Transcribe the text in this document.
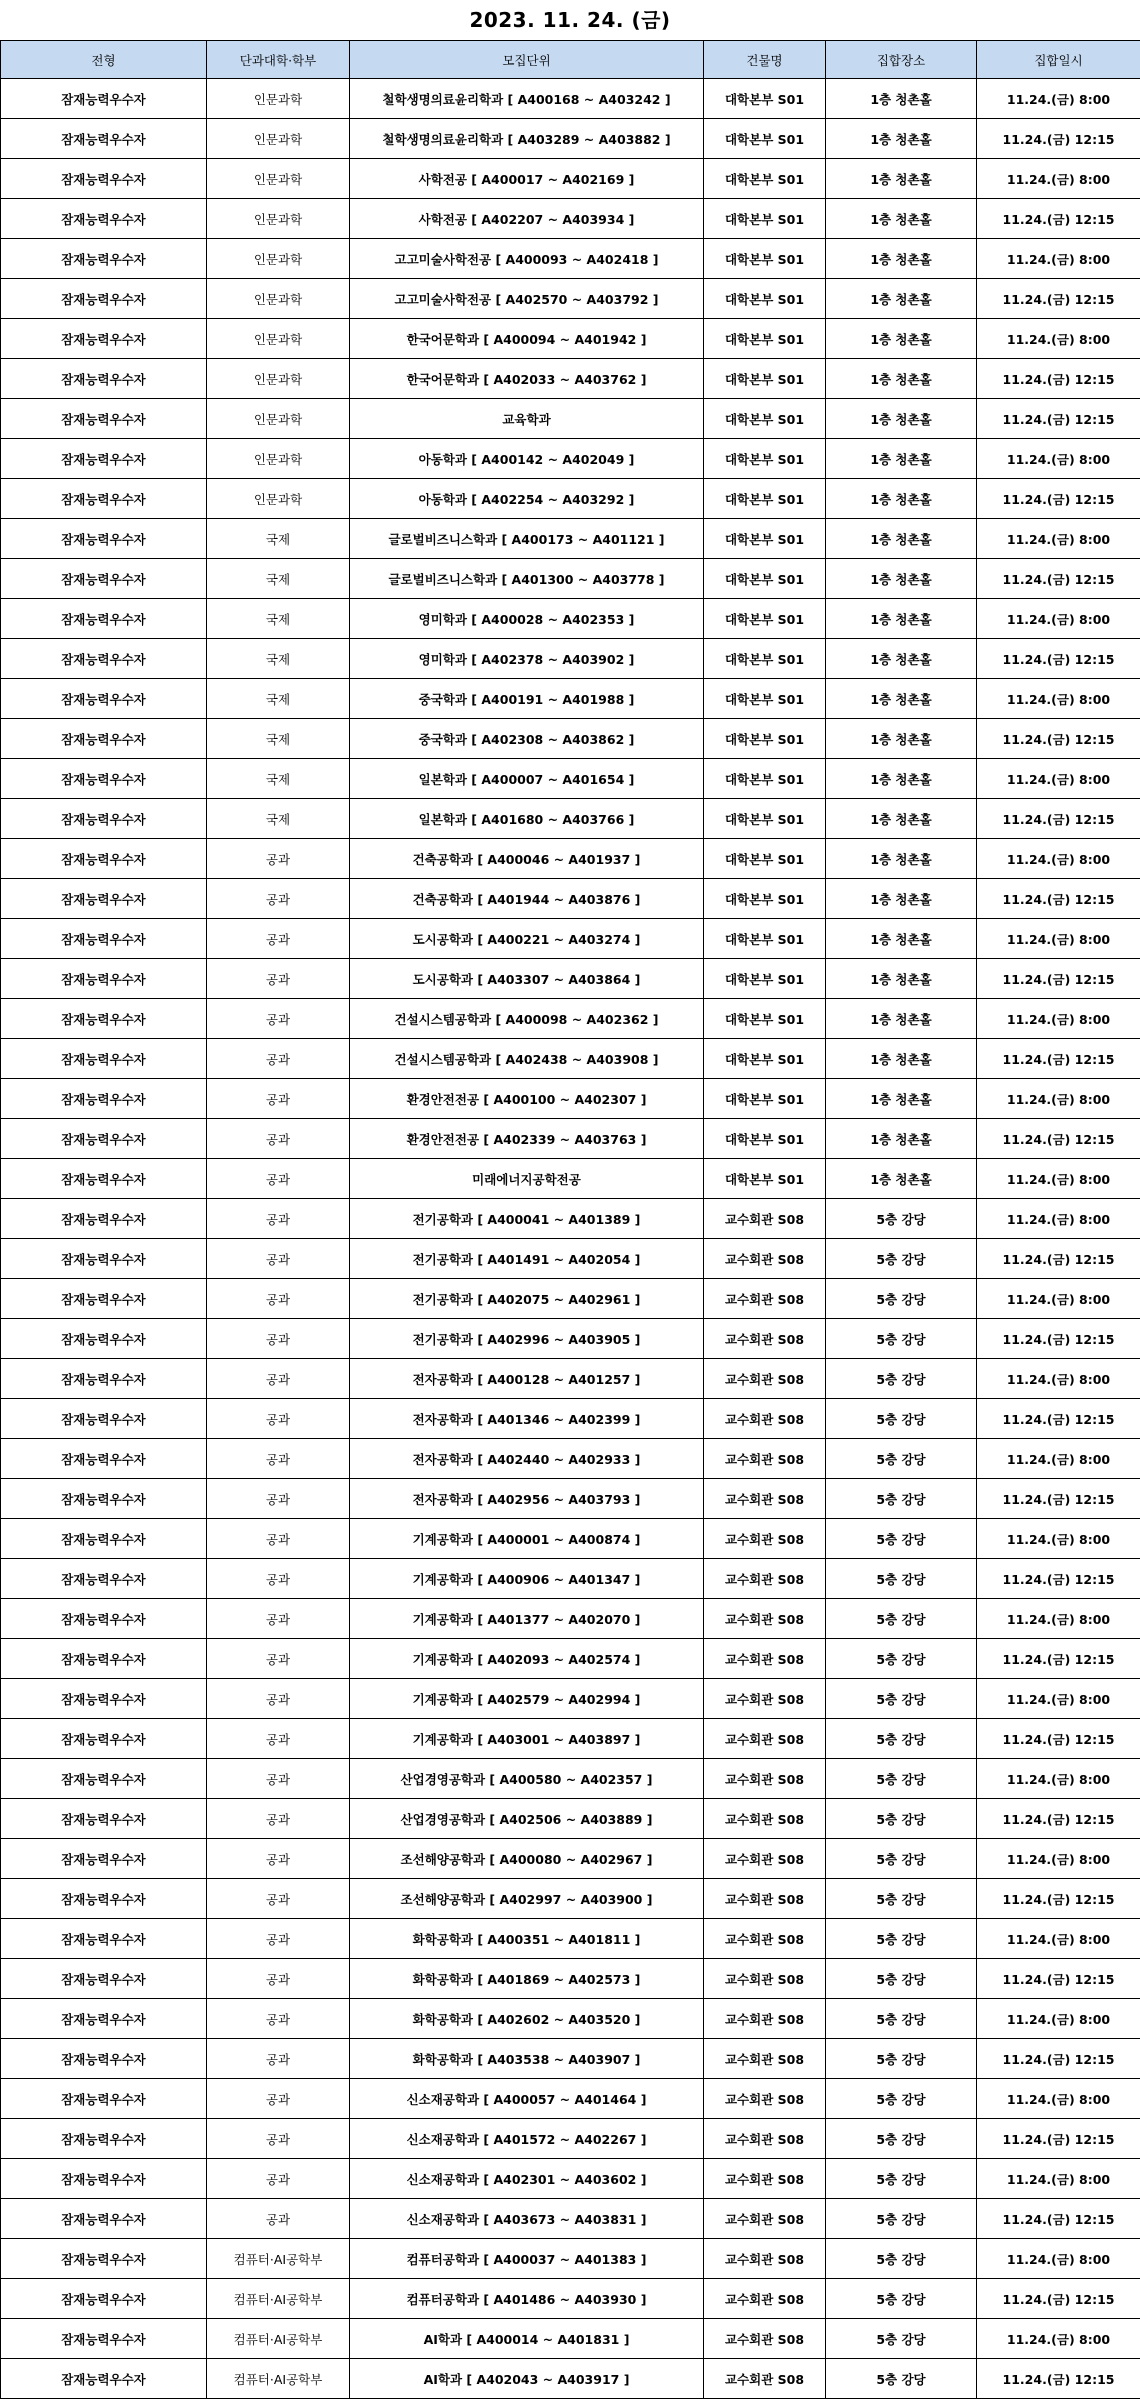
2023. 11. 24. (금)
전형	단과대학·학부	모집단위	건물명	집합장소	집합일시
잠재능력우수자	인문과학	철학생명의료윤리학과 [ A400168 ~ A403242 ]	대학본부 S01	1층 청촌홀	11.24.(금) 8:00
잠재능력우수자	인문과학	철학생명의료윤리학과 [ A403289 ~ A403882 ]	대학본부 S01	1층 청촌홀	11.24.(금) 12:15
잠재능력우수자	인문과학	사학전공 [ A400017 ~ A402169 ]	대학본부 S01	1층 청촌홀	11.24.(금) 8:00
잠재능력우수자	인문과학	사학전공 [ A402207 ~ A403934 ]	대학본부 S01	1층 청촌홀	11.24.(금) 12:15
잠재능력우수자	인문과학	고고미술사학전공 [ A400093 ~ A402418 ]	대학본부 S01	1층 청촌홀	11.24.(금) 8:00
잠재능력우수자	인문과학	고고미술사학전공 [ A402570 ~ A403792 ]	대학본부 S01	1층 청촌홀	11.24.(금) 12:15
잠재능력우수자	인문과학	한국어문학과 [ A400094 ~ A401942 ]	대학본부 S01	1층 청촌홀	11.24.(금) 8:00
잠재능력우수자	인문과학	한국어문학과 [ A402033 ~ A403762 ]	대학본부 S01	1층 청촌홀	11.24.(금) 12:15
잠재능력우수자	인문과학	교육학과	대학본부 S01	1층 청촌홀	11.24.(금) 12:15
잠재능력우수자	인문과학	아동학과 [ A400142 ~ A402049 ]	대학본부 S01	1층 청촌홀	11.24.(금) 8:00
잠재능력우수자	인문과학	아동학과 [ A402254 ~ A403292 ]	대학본부 S01	1층 청촌홀	11.24.(금) 12:15
잠재능력우수자	국제	글로벌비즈니스학과 [ A400173 ~ A401121 ]	대학본부 S01	1층 청촌홀	11.24.(금) 8:00
잠재능력우수자	국제	글로벌비즈니스학과 [ A401300 ~ A403778 ]	대학본부 S01	1층 청촌홀	11.24.(금) 12:15
잠재능력우수자	국제	영미학과 [ A400028 ~ A402353 ]	대학본부 S01	1층 청촌홀	11.24.(금) 8:00
잠재능력우수자	국제	영미학과 [ A402378 ~ A403902 ]	대학본부 S01	1층 청촌홀	11.24.(금) 12:15
잠재능력우수자	국제	중국학과 [ A400191 ~ A401988 ]	대학본부 S01	1층 청촌홀	11.24.(금) 8:00
잠재능력우수자	국제	중국학과 [ A402308 ~ A403862 ]	대학본부 S01	1층 청촌홀	11.24.(금) 12:15
잠재능력우수자	국제	일본학과 [ A400007 ~ A401654 ]	대학본부 S01	1층 청촌홀	11.24.(금) 8:00
잠재능력우수자	국제	일본학과 [ A401680 ~ A403766 ]	대학본부 S01	1층 청촌홀	11.24.(금) 12:15
잠재능력우수자	공과	건축공학과 [ A400046 ~ A401937 ]	대학본부 S01	1층 청촌홀	11.24.(금) 8:00
잠재능력우수자	공과	건축공학과 [ A401944 ~ A403876 ]	대학본부 S01	1층 청촌홀	11.24.(금) 12:15
잠재능력우수자	공과	도시공학과 [ A400221 ~ A403274 ]	대학본부 S01	1층 청촌홀	11.24.(금) 8:00
잠재능력우수자	공과	도시공학과 [ A403307 ~ A403864 ]	대학본부 S01	1층 청촌홀	11.24.(금) 12:15
잠재능력우수자	공과	건설시스템공학과 [ A400098 ~ A402362 ]	대학본부 S01	1층 청촌홀	11.24.(금) 8:00
잠재능력우수자	공과	건설시스템공학과 [ A402438 ~ A403908 ]	대학본부 S01	1층 청촌홀	11.24.(금) 12:15
잠재능력우수자	공과	환경안전전공 [ A400100 ~ A402307 ]	대학본부 S01	1층 청촌홀	11.24.(금) 8:00
잠재능력우수자	공과	환경안전전공 [ A402339 ~ A403763 ]	대학본부 S01	1층 청촌홀	11.24.(금) 12:15
잠재능력우수자	공과	미래에너지공학전공	대학본부 S01	1층 청촌홀	11.24.(금) 8:00
잠재능력우수자	공과	전기공학과 [ A400041 ~ A401389 ]	교수회관 S08	5층 강당	11.24.(금) 8:00
잠재능력우수자	공과	전기공학과 [ A401491 ~ A402054 ]	교수회관 S08	5층 강당	11.24.(금) 12:15
잠재능력우수자	공과	전기공학과 [ A402075 ~ A402961 ]	교수회관 S08	5층 강당	11.24.(금) 8:00
잠재능력우수자	공과	전기공학과 [ A402996 ~ A403905 ]	교수회관 S08	5층 강당	11.24.(금) 12:15
잠재능력우수자	공과	전자공학과 [ A400128 ~ A401257 ]	교수회관 S08	5층 강당	11.24.(금) 8:00
잠재능력우수자	공과	전자공학과 [ A401346 ~ A402399 ]	교수회관 S08	5층 강당	11.24.(금) 12:15
잠재능력우수자	공과	전자공학과 [ A402440 ~ A402933 ]	교수회관 S08	5층 강당	11.24.(금) 8:00
잠재능력우수자	공과	전자공학과 [ A402956 ~ A403793 ]	교수회관 S08	5층 강당	11.24.(금) 12:15
잠재능력우수자	공과	기계공학과 [ A400001 ~ A400874 ]	교수회관 S08	5층 강당	11.24.(금) 8:00
잠재능력우수자	공과	기계공학과 [ A400906 ~ A401347 ]	교수회관 S08	5층 강당	11.24.(금) 12:15
잠재능력우수자	공과	기계공학과 [ A401377 ~ A402070 ]	교수회관 S08	5층 강당	11.24.(금) 8:00
잠재능력우수자	공과	기계공학과 [ A402093 ~ A402574 ]	교수회관 S08	5층 강당	11.24.(금) 12:15
잠재능력우수자	공과	기계공학과 [ A402579 ~ A402994 ]	교수회관 S08	5층 강당	11.24.(금) 8:00
잠재능력우수자	공과	기계공학과 [ A403001 ~ A403897 ]	교수회관 S08	5층 강당	11.24.(금) 12:15
잠재능력우수자	공과	산업경영공학과 [ A400580 ~ A402357 ]	교수회관 S08	5층 강당	11.24.(금) 8:00
잠재능력우수자	공과	산업경영공학과 [ A402506 ~ A403889 ]	교수회관 S08	5층 강당	11.24.(금) 12:15
잠재능력우수자	공과	조선해양공학과 [ A400080 ~ A402967 ]	교수회관 S08	5층 강당	11.24.(금) 8:00
잠재능력우수자	공과	조선해양공학과 [ A402997 ~ A403900 ]	교수회관 S08	5층 강당	11.24.(금) 12:15
잠재능력우수자	공과	화학공학과 [ A400351 ~ A401811 ]	교수회관 S08	5층 강당	11.24.(금) 8:00
잠재능력우수자	공과	화학공학과 [ A401869 ~ A402573 ]	교수회관 S08	5층 강당	11.24.(금) 12:15
잠재능력우수자	공과	화학공학과 [ A402602 ~ A403520 ]	교수회관 S08	5층 강당	11.24.(금) 8:00
잠재능력우수자	공과	화학공학과 [ A403538 ~ A403907 ]	교수회관 S08	5층 강당	11.24.(금) 12:15
잠재능력우수자	공과	신소재공학과 [ A400057 ~ A401464 ]	교수회관 S08	5층 강당	11.24.(금) 8:00
잠재능력우수자	공과	신소재공학과 [ A401572 ~ A402267 ]	교수회관 S08	5층 강당	11.24.(금) 12:15
잠재능력우수자	공과	신소재공학과 [ A402301 ~ A403602 ]	교수회관 S08	5층 강당	11.24.(금) 8:00
잠재능력우수자	공과	신소재공학과 [ A403673 ~ A403831 ]	교수회관 S08	5층 강당	11.24.(금) 12:15
잠재능력우수자	컴퓨터·AI공학부	컴퓨터공학과 [ A400037 ~ A401383 ]	교수회관 S08	5층 강당	11.24.(금) 8:00
잠재능력우수자	컴퓨터·AI공학부	컴퓨터공학과 [ A401486 ~ A403930 ]	교수회관 S08	5층 강당	11.24.(금) 12:15
잠재능력우수자	컴퓨터·AI공학부	AI학과 [ A400014 ~ A401831 ]	교수회관 S08	5층 강당	11.24.(금) 8:00
잠재능력우수자	컴퓨터·AI공학부	AI학과 [ A402043 ~ A403917 ]	교수회관 S08	5층 강당	11.24.(금) 12:15
